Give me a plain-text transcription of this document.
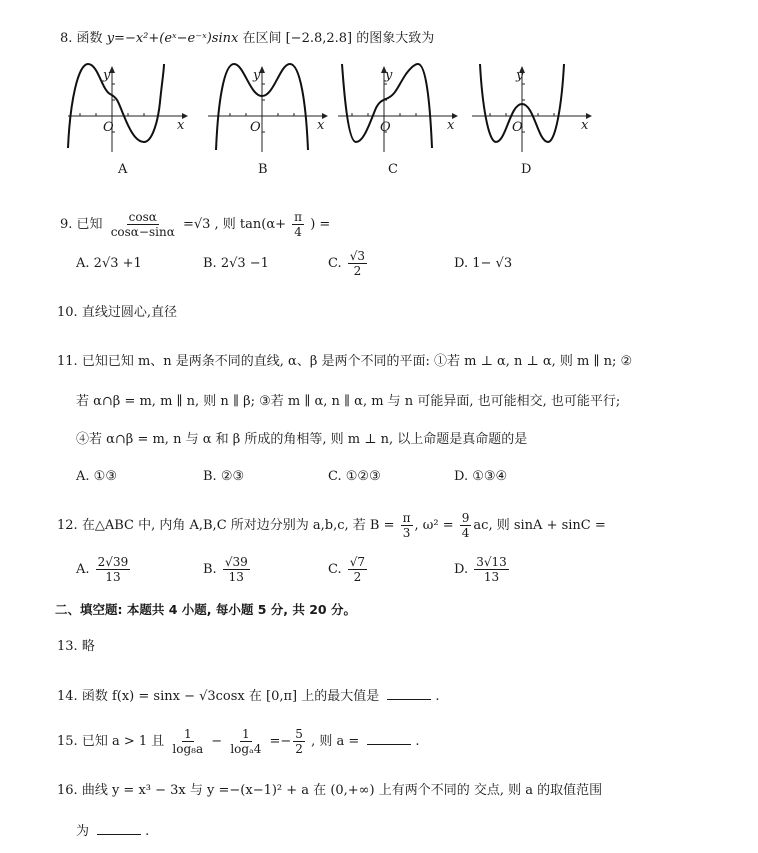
8. 函数 y=−x²+(eˣ−e⁻ˣ)sinx 在区间 [−2.8,2.8] 的图象大致为
y
x
O
A
y
x
O
B
y
x
O
C
y
x
O
D
9. 已知 $\frac{\cos\alpha}{\cos\alpha-\sin\alpha} =√3$ , 则 $\tan(\alpha+ \frac{\pi}{4}$ ) =
A. 2√3 +1	B. 2√3 −1	C. $\frac{√3}{2}$	D. 1− √3
10. 直线过圆心,直径
11. 已知已知 m、n 是两条不同的直线, α、β 是两个不同的平面: ①若 m ⊥ α, n ⊥ α, 则 m ∥ n; ②
若 α∩β = m, m ∥ n, 则 n ∥ β; ③若 m ∥ α, n ∥ α, m 与 n 可能异面, 也可能相交, 也可能平行;
④若 α∩β = m, n 与 α 和 β 所成的角相等, 则 m ⊥ n, 以上命题是真命题的是
A. ①③	B. ②③	C. ①②③	D. ①③④
12. 在△ABC 中, 内角 A,B,C 所对边分别为 a,b,c, 若 $B = \frac{\pi}{3}$ , $\omega^2 = \frac{9}{4}$ ac, 则 sinA + sinC =
A. $\frac{2√39}{13}$	B. $\frac{√39}{13}$	C. $\frac{√7}{2}$	D. $\frac{3√13}{13}$
二、填空题: 本题共 4 小题, 每小题 5 分, 共 20 分。
13. 略
14. 函数 f(x) = sinx − √3cosx 在 [0,π] 上的最大值是	.
15. 已知 a > 1 且 $\frac{1}{\text{log₈a}} - \frac{1}{\text{logₐ4}} =- \frac{5}{2}$ , 则 a =	.
16. 曲线 y = x³ − 3x 与 y =−(x−1)² + a 在 (0,+∞) 上有两个不同的 交点, 则 a 的取值范围
为	.
